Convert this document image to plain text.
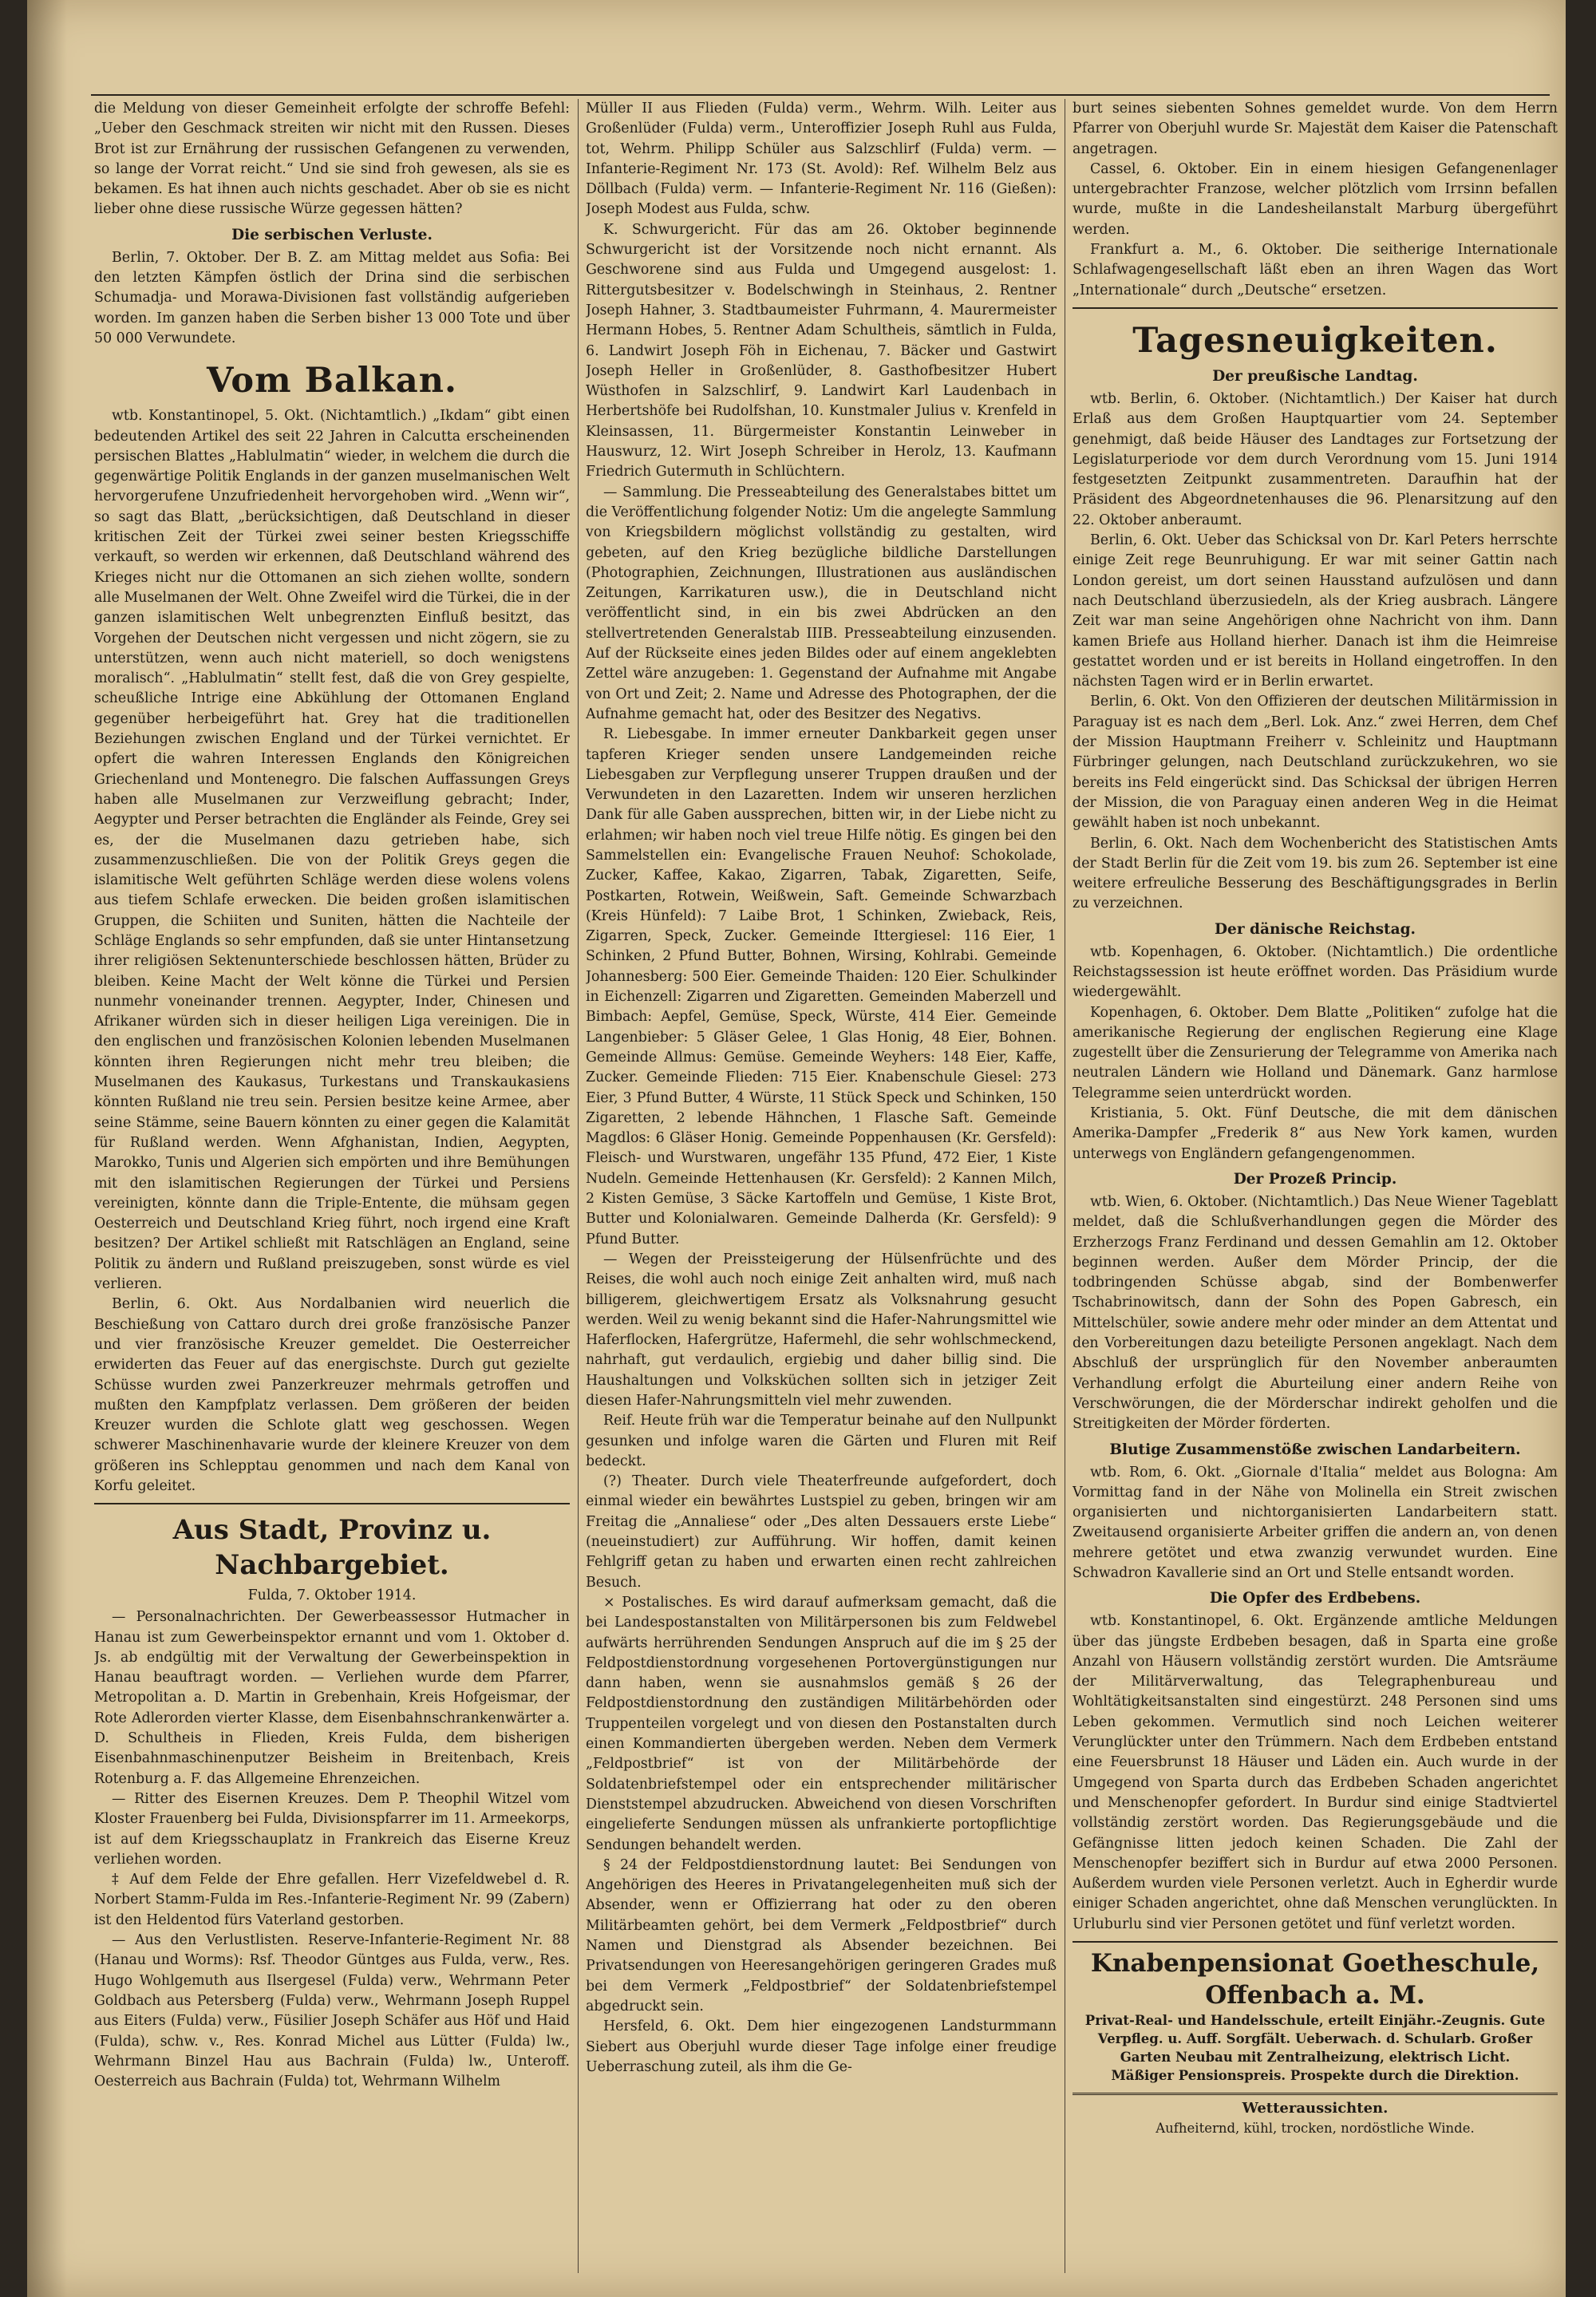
die Meldung von dieser Gemeinheit erfolgte der schroffe Befehl: „Ueber den Geschmack streiten wir nicht mit den Russen. Dieses Brot ist zur Ernährung der russischen Gefangenen zu verwenden, so lange der Vorrat reicht.“ Und sie sind froh gewesen, als sie es bekamen. Es hat ihnen auch nichts geschadet. Aber ob sie es nicht lieber ohne diese russische Würze gegessen hätten?

Die serbischen Verluste.

Berlin, 7. Oktober. Der B. Z. am Mittag meldet aus Sofia: Bei den letzten Kämpfen östlich der Drina sind die serbischen Schumadja- und Morawa-Divisionen fast vollständig aufgerieben worden. Im ganzen haben die Serben bisher 13 000 Tote und über 50 000 Verwundete.

Vom Balkan.

wtb. Konstantinopel, 5. Okt. (Nichtamtlich.) „Ikdam“ gibt einen bedeutenden Artikel des seit 22 Jahren in Calcutta erscheinenden persischen Blattes „Hablulmatin“ wieder, in welchem die durch die gegenwärtige Politik Englands in der ganzen muselmanischen Welt hervorgerufene Unzufriedenheit hervorgehoben wird. „Wenn wir“, so sagt das Blatt, „berücksichtigen, daß Deutschland in dieser kritischen Zeit der Türkei zwei seiner besten Kriegsschiffe verkauft, so werden wir erkennen, daß Deutschland während des Krieges nicht nur die Ottomanen an sich ziehen wollte, sondern alle Muselmanen der Welt. Ohne Zweifel wird die Türkei, die in der ganzen islamitischen Welt unbegrenzten Einfluß besitzt, das Vorgehen der Deutschen nicht vergessen und nicht zögern, sie zu unterstützen, wenn auch nicht materiell, so doch wenigstens moralisch“. „Hablulmatin“ stellt fest, daß die von Grey gespielte, scheußliche Intrige eine Abkühlung der Ottomanen England gegenüber herbeigeführt hat. Grey hat die traditionellen Beziehungen zwischen England und der Türkei vernichtet. Er opfert die wahren Interessen Englands den Königreichen Griechenland und Montenegro. Die falschen Auffassungen Greys haben alle Muselmanen zur Verzweiflung gebracht; Inder, Aegypter und Perser betrachten die Engländer als Feinde, Grey sei es, der die Muselmanen dazu getrieben habe, sich zusammenzuschließen. Die von der Politik Greys gegen die islamitische Welt geführten Schläge werden diese wolens volens aus tiefem Schlafe erwecken. Die beiden großen islamitischen Gruppen, die Schiiten und Suniten, hätten die Nachteile der Schläge Englands so sehr empfunden, daß sie unter Hintansetzung ihrer religiösen Sektenunterschiede beschlossen hätten, Brüder zu bleiben. Keine Macht der Welt könne die Türkei und Persien nunmehr voneinander trennen. Aegypter, Inder, Chinesen und Afrikaner würden sich in dieser heiligen Liga vereinigen. Die in den englischen und französischen Kolonien lebenden Muselmanen könnten ihren Regierungen nicht mehr treu bleiben; die Muselmanen des Kaukasus, Turkestans und Transkaukasiens könnten Rußland nie treu sein. Persien besitze keine Armee, aber seine Stämme, seine Bauern könnten zu einer gegen die Kalamität für Rußland werden. Wenn Afghanistan, Indien, Aegypten, Marokko, Tunis und Algerien sich empörten und ihre Bemühungen mit den islamitischen Regierungen der Türkei und Persiens vereinigten, könnte dann die Triple-Entente, die mühsam gegen Oesterreich und Deutschland Krieg führt, noch irgend eine Kraft besitzen? Der Artikel schließt mit Ratschlägen an England, seine Politik zu ändern und Rußland preiszugeben, sonst würde es viel verlieren.

Berlin, 6. Okt. Aus Nordalbanien wird neuerlich die Beschießung von Cattaro durch drei große französische Panzer und vier französische Kreuzer gemeldet. Die Oesterreicher erwiderten das Feuer auf das energischste. Durch gut gezielte Schüsse wurden zwei Panzerkreuzer mehrmals getroffen und mußten den Kampfplatz verlassen. Dem größeren der beiden Kreuzer wurden die Schlote glatt weg geschossen. Wegen schwerer Maschinenhavarie wurde der kleinere Kreuzer von dem größeren ins Schlepptau genommen und nach dem Kanal von Korfu geleitet.

Aus Stadt, Provinz u. Nachbargebiet.

Fulda, 7. Oktober 1914.

— Personalnachrichten. Der Gewerbeassessor Hutmacher in Hanau ist zum Gewerbeinspektor ernannt und vom 1. Oktober d. Js. ab endgültig mit der Verwaltung der Gewerbeinspektion in Hanau beauftragt worden. — Verliehen wurde dem Pfarrer, Metropolitan a. D. Martin in Grebenhain, Kreis Hofgeismar, der Rote Adlerorden vierter Klasse, dem Eisenbahnschrankenwärter a. D. Schultheis in Flieden, Kreis Fulda, dem bisherigen Eisenbahnmaschinenputzer Beisheim in Breitenbach, Kreis Rotenburg a. F. das Allgemeine Ehrenzeichen.

— Ritter des Eisernen Kreuzes. Dem P. Theophil Witzel vom Kloster Frauenberg bei Fulda, Divisionspfarrer im 11. Armeekorps, ist auf dem Kriegsschauplatz in Frankreich das Eiserne Kreuz verliehen worden.

‡ Auf dem Felde der Ehre gefallen. Herr Vizefeldwebel d. R. Norbert Stamm-Fulda im Res.-Infanterie-Regiment Nr. 99 (Zabern) ist den Heldentod fürs Vaterland gestorben.

— Aus den Verlustlisten. Reserve-Infanterie-Regiment Nr. 88 (Hanau und Worms): Rsf. Theodor Güntges aus Fulda, verw., Res. Hugo Wohlgemuth aus Ilsergesel (Fulda) verw., Wehrmann Peter Goldbach aus Petersberg (Fulda) verw., Wehrmann Joseph Ruppel aus Eiters (Fulda) verw., Füsilier Joseph Schäfer aus Höf und Haid (Fulda), schw. v., Res. Konrad Michel aus Lütter (Fulda) lw., Wehrmann Binzel Hau aus Bachrain (Fulda) lw., Unteroff. Oesterreich aus Bachrain (Fulda) tot, Wehrmann Wilhelm

Müller II aus Flieden (Fulda) verm., Wehrm. Wilh. Leiter aus Großenlüder (Fulda) verm., Unteroffizier Joseph Ruhl aus Fulda, tot, Wehrm. Philipp Schüler aus Salzschlirf (Fulda) verm. — Infanterie-Regiment Nr. 173 (St. Avold): Ref. Wilhelm Belz aus Döllbach (Fulda) verm. — Infanterie-Regiment Nr. 116 (Gießen): Joseph Modest aus Fulda, schw.

K. Schwurgericht. Für das am 26. Oktober beginnende Schwurgericht ist der Vorsitzende noch nicht ernannt. Als Geschworene sind aus Fulda und Umgegend ausgelost: 1. Rittergutsbesitzer v. Bodelschwingh in Steinhaus, 2. Rentner Joseph Hahner, 3. Stadtbaumeister Fuhrmann, 4. Maurermeister Hermann Hobes, 5. Rentner Adam Schultheis, sämtlich in Fulda, 6. Landwirt Joseph Föh in Eichenau, 7. Bäcker und Gastwirt Joseph Heller in Großenlüder, 8. Gasthofbesitzer Hubert Wüsthofen in Salzschlirf, 9. Landwirt Karl Laudenbach in Herbertshöfe bei Rudolfshan, 10. Kunstmaler Julius v. Krenfeld in Kleinsassen, 11. Bürgermeister Konstantin Leinweber in Hauswurz, 12. Wirt Joseph Schreiber in Herolz, 13. Kaufmann Friedrich Gutermuth in Schlüchtern.

— Sammlung. Die Presseabteilung des Generalstabes bittet um die Veröffentlichung folgender Notiz: Um die angelegte Sammlung von Kriegsbildern möglichst vollständig zu gestalten, wird gebeten, auf den Krieg bezügliche bildliche Darstellungen (Photographien, Zeichnungen, Illustrationen aus ausländischen Zeitungen, Karrikaturen usw.), die in Deutschland nicht veröffentlicht sind, in ein bis zwei Abdrücken an den stellvertretenden Generalstab IIIB. Presseabteilung einzusenden. Auf der Rückseite eines jeden Bildes oder auf einem angeklebten Zettel wäre anzugeben: 1. Gegenstand der Aufnahme mit Angabe von Ort und Zeit; 2. Name und Adresse des Photographen, der die Aufnahme gemacht hat, oder des Besitzer des Negativs.

R. Liebesgabe. In immer erneuter Dankbarkeit gegen unser tapferen Krieger senden unsere Landgemeinden reiche Liebesgaben zur Verpflegung unserer Truppen draußen und der Verwundeten in den Lazaretten. Indem wir unseren herzlichen Dank für alle Gaben aussprechen, bitten wir, in der Liebe nicht zu erlahmen; wir haben noch viel treue Hilfe nötig. Es gingen bei den Sammelstellen ein: Evangelische Frauen Neuhof: Schokolade, Zucker, Kaffee, Kakao, Zigarren, Tabak, Zigaretten, Seife, Postkarten, Rotwein, Weißwein, Saft. Gemeinde Schwarzbach (Kreis Hünfeld): 7 Laibe Brot, 1 Schinken, Zwieback, Reis, Zigarren, Speck, Zucker. Gemeinde Ittergiesel: 116 Eier, 1 Schinken, 2 Pfund Butter, Bohnen, Wirsing, Kohlrabi. Gemeinde Johannesberg: 500 Eier. Gemeinde Thaiden: 120 Eier. Schulkinder in Eichenzell: Zigarren und Zigaretten. Gemeinden Maberzell und Bimbach: Aepfel, Gemüse, Speck, Würste, 414 Eier. Gemeinde Langenbieber: 5 Gläser Gelee, 1 Glas Honig, 48 Eier, Bohnen. Gemeinde Allmus: Gemüse. Gemeinde Weyhers: 148 Eier, Kaffe, Zucker. Gemeinde Flieden: 715 Eier. Knabenschule Giesel: 273 Eier, 3 Pfund Butter, 4 Würste, 11 Stück Speck und Schinken, 150 Zigaretten, 2 lebende Hähnchen, 1 Flasche Saft. Gemeinde Magdlos: 6 Gläser Honig. Gemeinde Poppenhausen (Kr. Gersfeld): Fleisch- und Wurstwaren, ungefähr 135 Pfund, 472 Eier, 1 Kiste Nudeln. Gemeinde Hettenhausen (Kr. Gersfeld): 2 Kannen Milch, 2 Kisten Gemüse, 3 Säcke Kartoffeln und Gemüse, 1 Kiste Brot, Butter und Kolonialwaren. Gemeinde Dalherda (Kr. Gersfeld): 9 Pfund Butter.

— Wegen der Preissteigerung der Hülsenfrüchte und des Reises, die wohl auch noch einige Zeit anhalten wird, muß nach billigerem, gleichwertigem Ersatz als Volksnahrung gesucht werden. Weil zu wenig bekannt sind die Hafer-Nahrungsmittel wie Haferflocken, Hafergrütze, Hafermehl, die sehr wohlschmeckend, nahrhaft, gut verdaulich, ergiebig und daher billig sind. Die Haushaltungen und Volksküchen sollten sich in jetziger Zeit diesen Hafer-Nahrungsmitteln viel mehr zuwenden.

Reif. Heute früh war die Temperatur beinahe auf den Nullpunkt gesunken und infolge waren die Gärten und Fluren mit Reif bedeckt.

(?) Theater. Durch viele Theaterfreunde aufgefordert, doch einmal wieder ein bewährtes Lustspiel zu geben, bringen wir am Freitag die „Annaliese“ oder „Des alten Dessauers erste Liebe“ (neueinstudiert) zur Aufführung. Wir hoffen, damit keinen Fehlgriff getan zu haben und erwarten einen recht zahlreichen Besuch.

× Postalisches. Es wird darauf aufmerksam gemacht, daß die bei Landespostanstalten von Militärpersonen bis zum Feldwebel aufwärts herrührenden Sendungen Anspruch auf die im § 25 der Feldpostdienstordnung vorgesehenen Portovergünstigungen nur dann haben, wenn sie ausnahmslos gemäß § 26 der Feldpostdienstordnung den zuständigen Militärbehörden oder Truppenteilen vorgelegt und von diesen den Postanstalten durch einen Kommandierten übergeben werden. Neben dem Vermerk „Feldpostbrief“ ist von der Militärbehörde der Soldatenbriefstempel oder ein entsprechender militärischer Dienststempel abzudrucken. Abweichend von diesen Vorschriften eingelieferte Sendungen müssen als unfrankierte portopflichtige Sendungen behandelt werden.

§ 24 der Feldpostdienstordnung lautet: Bei Sendungen von Angehörigen des Heeres in Privatangelegenheiten muß sich der Absender, wenn er Offizierrang hat oder zu den oberen Militärbeamten gehört, bei dem Vermerk „Feldpostbrief“ durch Namen und Dienstgrad als Absender bezeichnen. Bei Privatsendungen von Heeresangehörigen geringeren Grades muß bei dem Vermerk „Feldpostbrief“ der Soldatenbriefstempel abgedruckt sein.

Hersfeld, 6. Okt. Dem hier eingezogenen Landsturmmann Siebert aus Oberjuhl wurde dieser Tage infolge einer freudige Ueberraschung zuteil, als ihm die Ge-

burt seines siebenten Sohnes gemeldet wurde. Von dem Herrn Pfarrer von Oberjuhl wurde Sr. Majestät dem Kaiser die Patenschaft angetragen.

Cassel, 6. Oktober. Ein in einem hiesigen Gefangenenlager untergebrachter Franzose, welcher plötzlich vom Irrsinn befallen wurde, mußte in die Landesheilanstalt Marburg übergeführt werden.

Frankfurt a. M., 6. Oktober. Die seitherige Internationale Schlafwagengesellschaft läßt eben an ihren Wagen das Wort „Internationale“ durch „Deutsche“ ersetzen.

Tagesneuigkeiten.

Der preußische Landtag.

wtb. Berlin, 6. Oktober. (Nichtamtlich.) Der Kaiser hat durch Erlaß aus dem Großen Hauptquartier vom 24. September genehmigt, daß beide Häuser des Landtages zur Fortsetzung der Legislaturperiode vor dem durch Verordnung vom 15. Juni 1914 festgesetzten Zeitpunkt zusammentreten. Daraufhin hat der Präsident des Abgeordnetenhauses die 96. Plenarsitzung auf den 22. Oktober anberaumt.

Berlin, 6. Okt. Ueber das Schicksal von Dr. Karl Peters herrschte einige Zeit rege Beunruhigung. Er war mit seiner Gattin nach London gereist, um dort seinen Hausstand aufzulösen und dann nach Deutschland überzusiedeln, als der Krieg ausbrach. Längere Zeit war man seine Angehörigen ohne Nachricht von ihm. Dann kamen Briefe aus Holland hierher. Danach ist ihm die Heimreise gestattet worden und er ist bereits in Holland eingetroffen. In den nächsten Tagen wird er in Berlin erwartet.

Berlin, 6. Okt. Von den Offizieren der deutschen Militärmission in Paraguay ist es nach dem „Berl. Lok. Anz.“ zwei Herren, dem Chef der Mission Hauptmann Freiherr v. Schleinitz und Hauptmann Fürbringer gelungen, nach Deutschland zurückzukehren, wo sie bereits ins Feld eingerückt sind. Das Schicksal der übrigen Herren der Mission, die von Paraguay einen anderen Weg in die Heimat gewählt haben ist noch unbekannt.

Berlin, 6. Okt. Nach dem Wochenbericht des Statistischen Amts der Stadt Berlin für die Zeit vom 19. bis zum 26. September ist eine weitere erfreuliche Besserung des Beschäftigungsgrades in Berlin zu verzeichnen.

Der dänische Reichstag.

wtb. Kopenhagen, 6. Oktober. (Nichtamtlich.) Die ordentliche Reichstagssession ist heute eröffnet worden. Das Präsidium wurde wiedergewählt.

Kopenhagen, 6. Oktober. Dem Blatte „Politiken“ zufolge hat die amerikanische Regierung der englischen Regierung eine Klage zugestellt über die Zensurierung der Telegramme von Amerika nach neutralen Ländern wie Holland und Dänemark. Ganz harmlose Telegramme seien unterdrückt worden.

Kristiania, 5. Okt. Fünf Deutsche, die mit dem dänischen Amerika-Dampfer „Frederik 8“ aus New York kamen, wurden unterwegs von Engländern gefangengenommen.

Der Prozeß Princip.

wtb. Wien, 6. Oktober. (Nichtamtlich.) Das Neue Wiener Tageblatt meldet, daß die Schlußverhandlungen gegen die Mörder des Erzherzogs Franz Ferdinand und dessen Gemahlin am 12. Oktober beginnen werden. Außer dem Mörder Princip, der die todbringenden Schüsse abgab, sind der Bombenwerfer Tschabrinowitsch, dann der Sohn des Popen Gabresch, ein Mittelschüler, sowie andere mehr oder minder an dem Attentat und den Vorbereitungen dazu beteiligte Personen angeklagt. Nach dem Abschluß der ursprünglich für den November anberaumten Verhandlung erfolgt die Aburteilung einer andern Reihe von Verschwörungen, die der Mörderschar indirekt geholfen und die Streitigkeiten der Mörder förderten.

Blutige Zusammenstöße zwischen Landarbeitern.

wtb. Rom, 6. Okt. „Giornale d'Italia“ meldet aus Bologna: Am Vormittag fand in der Nähe von Molinella ein Streit zwischen organisierten und nichtorganisierten Landarbeitern statt. Zweitausend organisierte Arbeiter griffen die andern an, von denen mehrere getötet und etwa zwanzig verwundet wurden. Eine Schwadron Kavallerie sind an Ort und Stelle entsandt worden.

Die Opfer des Erdbebens.

wtb. Konstantinopel, 6. Okt. Ergänzende amtliche Meldungen über das jüngste Erdbeben besagen, daß in Sparta eine große Anzahl von Häusern vollständig zerstört wurden. Die Amtsräume der Militärverwaltung, das Telegraphenbureau und Wohltätigkeitsanstalten sind eingestürzt. 248 Personen sind ums Leben gekommen. Vermutlich sind noch Leichen weiterer Verunglückter unter den Trümmern. Nach dem Erdbeben entstand eine Feuersbrunst 18 Häuser und Läden ein. Auch wurde in der Umgegend von Sparta durch das Erdbeben Schaden angerichtet und Menschenopfer gefordert. In Burdur sind einige Stadtviertel vollständig zerstört worden. Das Regierungsgebäude und die Gefängnisse litten jedoch keinen Schaden. Die Zahl der Menschenopfer beziffert sich in Burdur auf etwa 2000 Personen. Außerdem wurden viele Personen verletzt. Auch in Egherdir wurde einiger Schaden angerichtet, ohne daß Menschen verunglückten. In Urluburlu sind vier Personen getötet und fünf verletzt worden.

Knabenpensionat Goetheschule, Offenbach a. M.

Privat-Real- und Handelsschule, erteilt Einjähr.-Zeugnis. Gute Verpfleg. u. Auff. Sorgfält. Ueberwach. d. Schularb. Großer Garten Neubau mit Zentralheizung, elektrisch Licht.

Mäßiger Pensionspreis. Prospekte durch die Direktion.

Wetteraussichten.

Aufheiternd, kühl, trocken, nordöstliche Winde.
